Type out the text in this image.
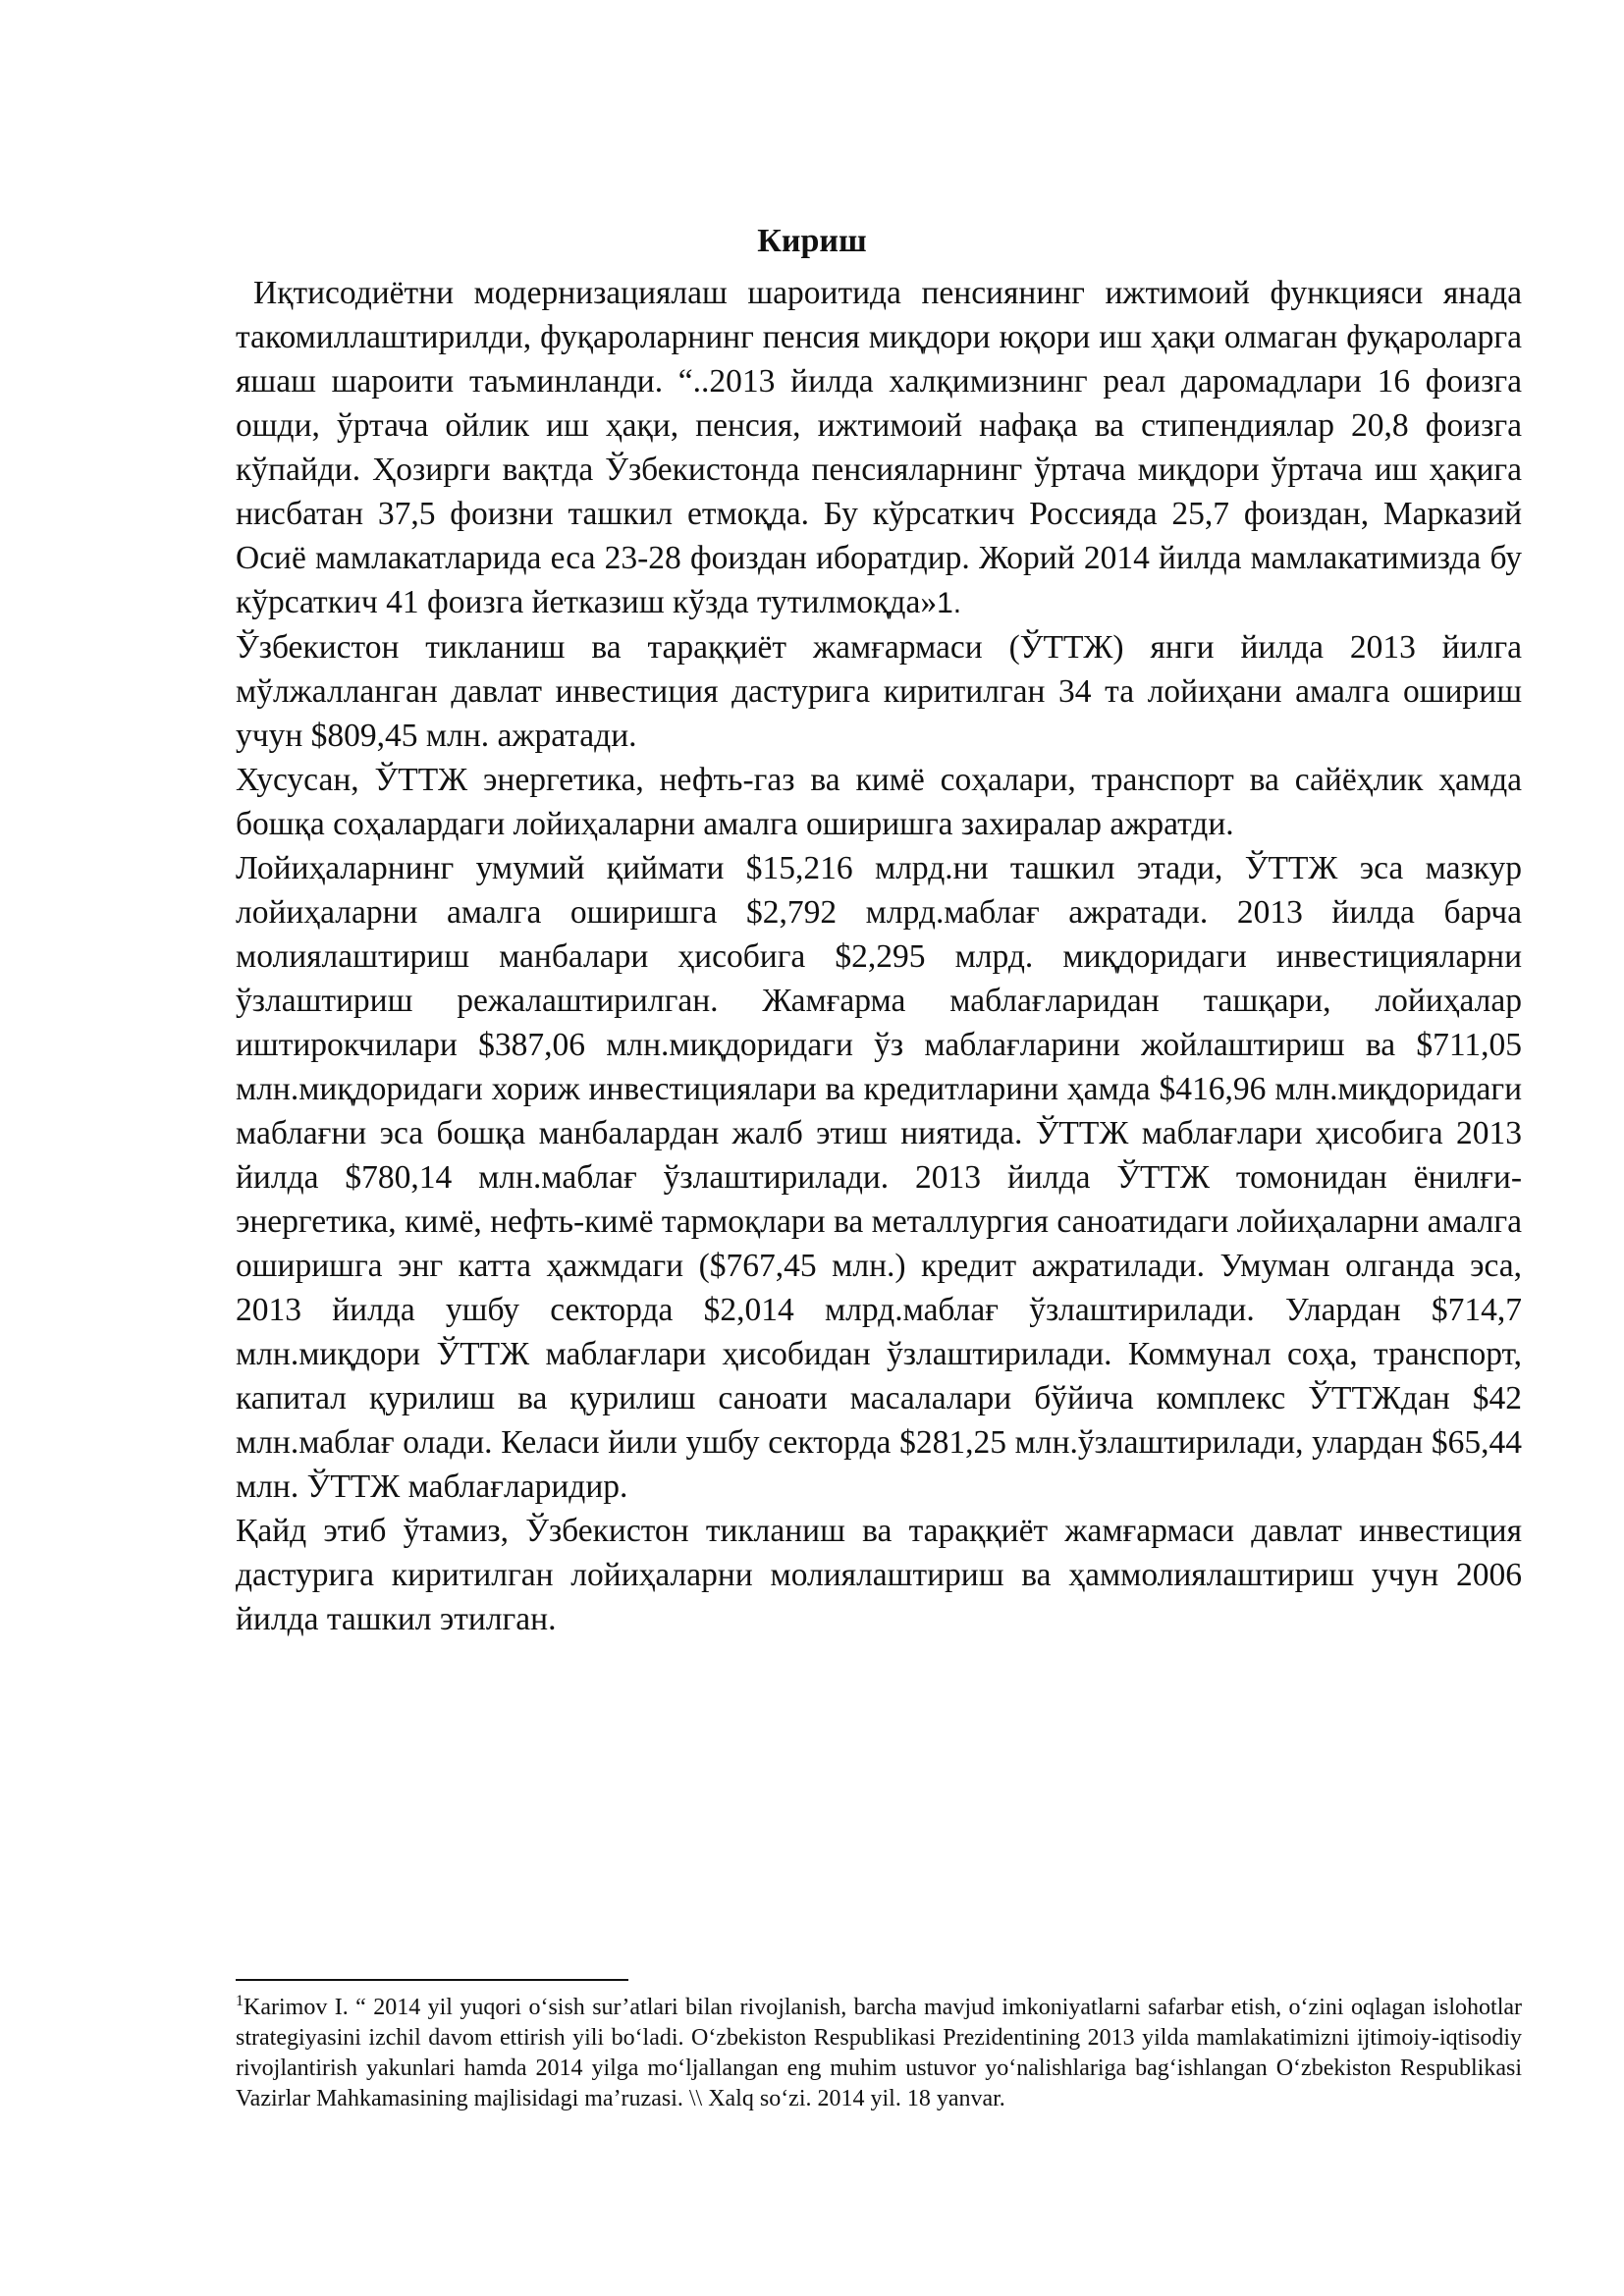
Кириш

Иқтисодиётни модернизациялаш шароитида пенсиянинг ижтимоий функцияси янада такомиллаштирилди, фуқароларнинг пенсия миқдори юқори иш ҳақи олмаган фуқароларга яшаш шароити таъминланди. “..2013 йилда халқимизнинг реал даромадлари 16 фоизга ошди, ўртача ойлик иш ҳақи, пенсия, ижтимоий нафақа ва стипендиялар 20,8 фоизга кўпайди. Ҳозирги вақтда Ўзбекистонда пенсияларнинг ўртача миқдори ўртача иш ҳақига нисбатан 37,5 фоизни ташкил етмоқда. Бу кўрсаткич Россияда 25,7 фоиздан, Марказий Осиё мамлакатларида еса 23-28 фоиздан иборатдир. Жорий 2014 йилда мамлакатимизда бу кўрсаткич 41 фоизга йетказиш кўзда тутилмоқда»1.

Ўзбекистон тикланиш ва тараққиёт жамғармаси (ЎТТЖ) янги йилда 2013 йилга мўлжалланган давлат инвестиция дастурига киритилган 34 та лойиҳани амалга ошириш учун $809,45 млн. ажратади.

Хусусан, ЎТТЖ энергетика, нефть-газ ва кимё соҳалари, транспорт ва сайёҳлик ҳамда бошқа соҳалардаги лойиҳаларни амалга оширишга захиралар ажратди.

Лойиҳаларнинг умумий қиймати $15,216 млрд.ни ташкил этади, ЎТТЖ эса мазкур лойиҳаларни амалга оширишга $2,792 млрд.маблағ ажратади. 2013 йилда барча молиялаштириш манбалари ҳисобига $2,295 млрд. миқдоридаги инвестицияларни ўзлаштириш режалаштирилган. Жамғарма маблағларидан ташқари, лойиҳалар иштирокчилари $387,06 млн.миқдоридаги ўз маблағларини жойлаштириш ва $711,05 млн.миқдоридаги хориж инвестициялари ва кредитларини ҳамда $416,96 млн.миқдоридаги маблағни эса бошқа манбалардан жалб этиш ниятида. ЎТТЖ маблағлари ҳисобига 2013 йилда $780,14 млн.маблағ ўзлаштирилади. 2013 йилда ЎТТЖ томонидан ёнилғи-энергетика, кимё, нефть-кимё тармоқлари ва металлургия саноатидаги лойиҳаларни амалга оширишга энг катта ҳажмдаги ($767,45 млн.) кредит ажратилади. Умуман олганда эса, 2013 йилда ушбу секторда $2,014 млрд.маблағ ўзлаштирилади. Улардан $714,7 млн.миқдори ЎТТЖ маблағлари ҳисобидан ўзлаштирилади. Коммунал соҳа, транспорт, капитал қурилиш ва қурилиш саноати масалалари бўйича комплекс ЎТТЖдан $42 млн.маблағ олади. Келаси йили ушбу секторда $281,25 млн.ўзлаштирилади, улардан $65,44 млн. ЎТТЖ маблағларидир.

Қайд этиб ўтамиз, Ўзбекистон тикланиш ва тараққиёт жамғармаси давлат инвестиция дастурига киритилган лойиҳаларни молиялаштириш ва ҳаммолиялаштириш учун 2006 йилда ташкил этилган.

$^1$Karimov I. “ 2014 yil yuqori o‘sish sur’atlari bilan rivojlanish, barcha mavjud imkoniyatlarni safarbar etish, o‘zini oqlagan islohotlar strategiyasini izchil davom ettirish yili bo‘ladi. O‘zbekiston Respublikasi Prezidentining 2013 yilda mamlakatimizni ijtimoiy-iqtisodiy rivojlantirish yakunlari hamda 2014 yilga mo‘ljallangan eng muhim ustuvor yo‘nalishlariga bag‘ishlangan O‘zbekiston Respublikasi Vazirlar Mahkamasining majlisidagi ma’ruzasi. \\ Xalq so‘zi. 2014 yil. 18 yanvar.
